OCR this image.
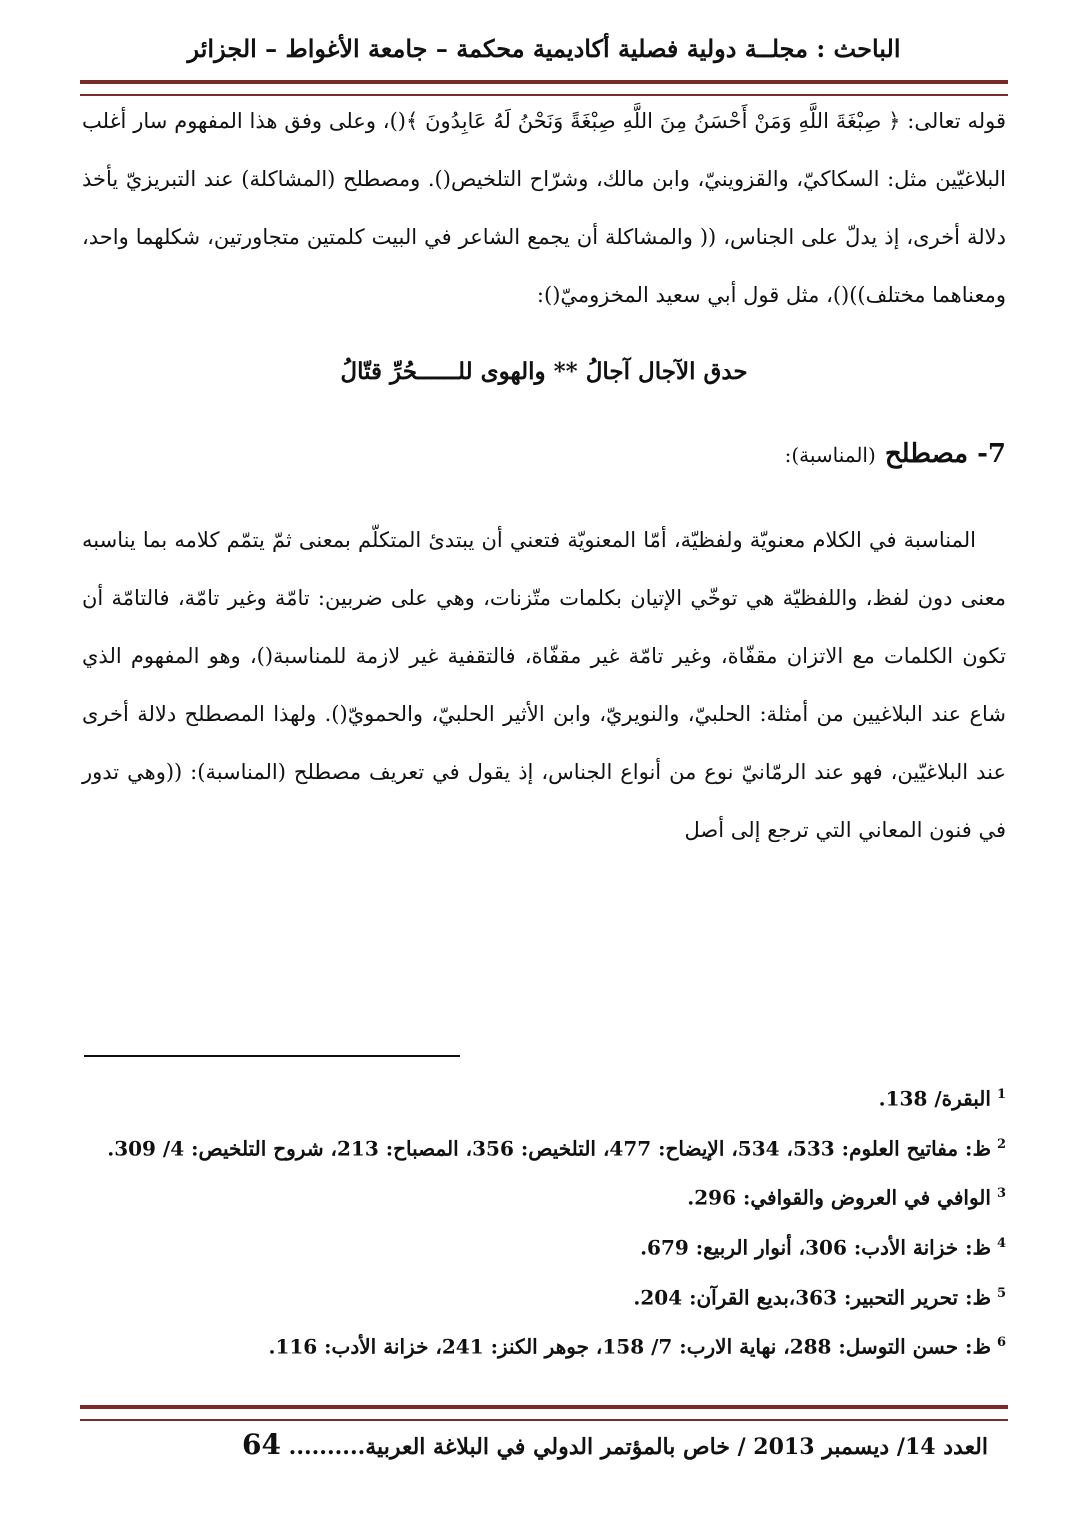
الباحث : مجلــة دولية فصلية أكاديمية محكمة – جامعة الأغواط – الجزائر

قوله تعالى: ﴿ صِبْغَةَ اللَّهِ وَمَنْ أَحْسَنُ مِنَ اللَّهِ صِبْغَةً وَنَحْنُ لَهُ عَابِدُونَ ﴾()، وعلى وفق هذا المفهوم سار أغلب البلاغيّين مثل: السكاكيّ، والقزوينيّ، وابن مالك، وشرّاح التلخيص(). ومصطلح (المشاكلة) عند التبريزيّ يأخذ دلالة أخرى، إذ يدلّ على الجناس، (( والمشاكلة أن يجمع الشاعر في البيت كلمتين متجاورتين، شكلهما واحد، ومعناهما مختلف))()، مثل قول أبي سعيد المخزوميّ():

حدق الآجال آجالُ ** والهوى للــــــحُرِّ قتّالُ

7- مصطلح (المناسبة):

المناسبة في الكلام معنويّة ولفظيّة، أمّا المعنويّة فتعني أن يبتدئ المتكلّم بمعنى ثمّ يتمّم كلامه بما يناسبه معنى دون لفظ، واللفظيّة هي توخّي الإتيان بكلمات متّزنات، وهي على ضربين: تامّة وغير تامّة، فالتامّة أن تكون الكلمات مع الاتزان مقفّاة، وغير تامّة غير مقفّاة، فالتقفية غير لازمة للمناسبة()، وهو المفهوم الذي شاع عند البلاغيين من أمثلة: الحلبيّ، والنويريّ، وابن الأثير الحلبيّ، والحمويّ(). ولهذا المصطلح دلالة أخرى عند البلاغيّين، فهو عند الرمّانيّ نوع من أنواع الجناس، إذ يقول في تعريف مصطلح (المناسبة): ((وهي تدور في فنون المعاني التي ترجع إلى أصل

$^1$البقرة/ 138.

$^2$ظ: مفاتيح العلوم: 533، 534، الإيضاح: 477، التلخيص: 356، المصباح: 213، شروح التلخيص: 4/ 309.

$^3$الوافي في العروض والقوافي: 296.

$^4$ظ: خزانة الأدب: 306، أنوار الربيع: 679.

$^5$ظ: تحرير التحبير: 363،بديع القرآن: 204.

$^6$ظ: حسن التوسل: 288، نهاية الارب: 7/ 158، جوهر الكنز: 241، خزانة الأدب: 116.

العدد 14/ ديسمبر 2013 / خاص بالمؤتمر الدولي في البلاغة العربية.......... 64
